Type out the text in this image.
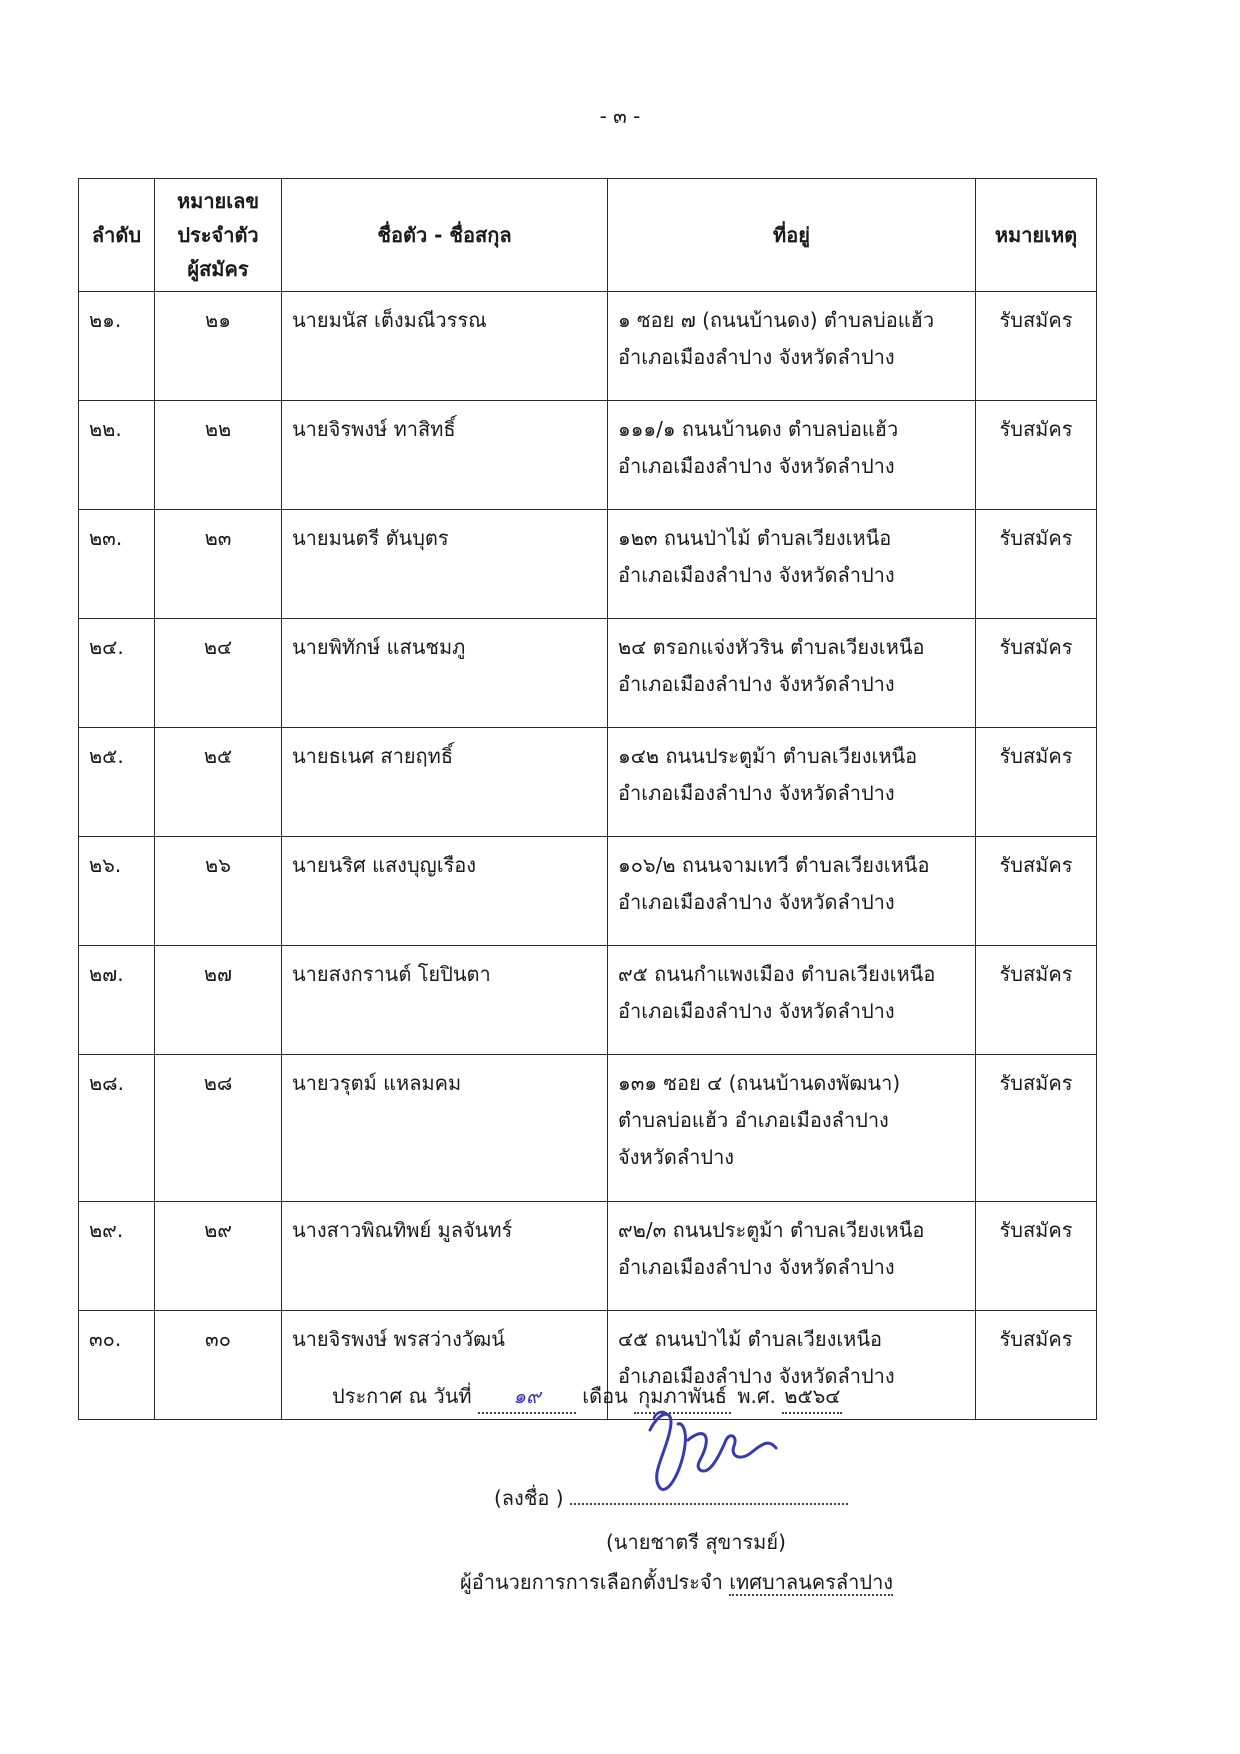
- ๓ -
ลำดับ	หมายเลข
ประจำตัว
ผู้สมัคร	ชื่อตัว - ชื่อสกุล	ที่อยู่	หมายเหตุ
๒๑.	๒๑	นายมนัส เต็งมณีวรรณ	๑ ซอย ๗ (ถนนบ้านดง) ตำบลบ่อแฮ้ว
อำเภอเมืองลำปาง จังหวัดลำปาง	รับสมัคร
๒๒.	๒๒	นายจิรพงษ์ ทาสิทธิ์	๑๑๑/๑ ถนนบ้านดง ตำบลบ่อแฮ้ว
อำเภอเมืองลำปาง จังหวัดลำปาง	รับสมัคร
๒๓.	๒๓	นายมนตรี ตันบุตร	๑๒๓ ถนนป่าไม้ ตำบลเวียงเหนือ
อำเภอเมืองลำปาง จังหวัดลำปาง	รับสมัคร
๒๔.	๒๔	นายพิทักษ์ แสนชมภู	๒๔ ตรอกแจ่งหัวริน ตำบลเวียงเหนือ
อำเภอเมืองลำปาง จังหวัดลำปาง	รับสมัคร
๒๕.	๒๕	นายธเนศ สายฤทธิ์	๑๔๒ ถนนประตูม้า ตำบลเวียงเหนือ
อำเภอเมืองลำปาง จังหวัดลำปาง	รับสมัคร
๒๖.	๒๖	นายนริศ แสงบุญเรือง	๑๐๖/๒ ถนนจามเทวี ตำบลเวียงเหนือ
อำเภอเมืองลำปาง จังหวัดลำปาง	รับสมัคร
๒๗.	๒๗	นายสงกรานต์ โยปินตา	๙๕ ถนนกำแพงเมือง ตำบลเวียงเหนือ
อำเภอเมืองลำปาง จังหวัดลำปาง	รับสมัคร
๒๘.	๒๘	นายวรุตม์ แหลมคม	๑๓๑ ซอย ๔ (ถนนบ้านดงพัฒนา)
ตำบลบ่อแฮ้ว อำเภอเมืองลำปาง
จังหวัดลำปาง	รับสมัคร
๒๙.	๒๙	นางสาวพิณทิพย์ มูลจันทร์	๙๒/๓ ถนนประตูม้า ตำบลเวียงเหนือ
อำเภอเมืองลำปาง จังหวัดลำปาง	รับสมัคร
๓๐.	๓๐	นายจิรพงษ์ พรสว่างวัฒน์	๔๕ ถนนป่าไม้ ตำบลเวียงเหนือ
อำเภอเมืองลำปาง จังหวัดลำปาง	รับสมัคร
ประกาศ ณ วันที่ ๑๙ เดือน กุมภาพันธ์ พ.ศ. ๒๕๖๔
(ลงชื่อ )
(นายชาตรี สุขารมย์)
ผู้อำนวยการการเลือกตั้งประจำ เทศบาลนครลำปาง
